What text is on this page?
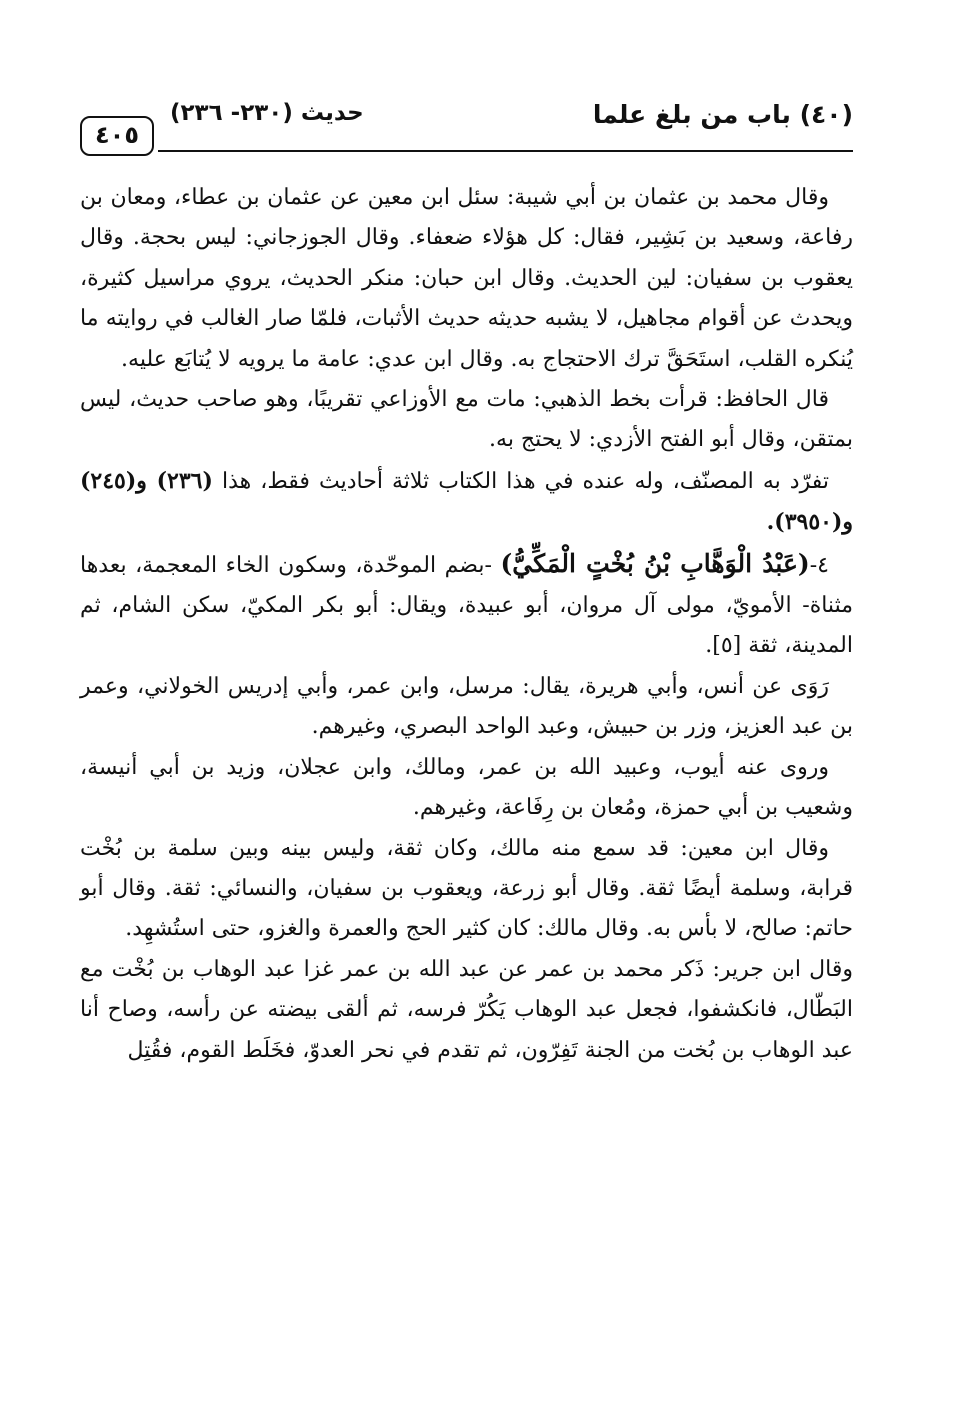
٤٠٥
حديث (٢٣٠- ٢٣٦)	(٤٠) باب من بلغ علما

وقال محمد بن عثمان بن أبي شيبة: سئل ابن معين عن عثمان بن عطاء، ومعان بن رفاعة، وسعيد بن بَشِير، فقال: كل هؤلاء ضعفاء. وقال الجوزجاني: ليس بحجة. وقال يعقوب بن سفيان: لين الحديث. وقال ابن حبان: منكر الحديث، يروي مراسيل كثيرة، ويحدث عن أقوام مجاهيل، لا يشبه حديثه حديث الأثبات، فلمّا صار الغالب في روايته ما يُنكره القلب، استَحَقَّ ترك الاحتجاج به. وقال ابن عدي: عامة ما يرويه لا يُتابَع عليه.

قال الحافظ: قرأت بخط الذهبي: مات مع الأوزاعي تقريبًا، وهو صاحب حديث، ليس بمتقن، وقال أبو الفتح الأزدي: لا يحتج به.

تفرّد به المصنّف، وله عنده في هذا الكتاب ثلاثة أحاديث فقط، هذا (٢٣٦) و(٢٤٥) و(٣٩٥٠).

٤-(عَبْدُ الْوَهَّابِ بْنُ بُخْتٍ الْمَكِّيُّ) -بضم الموحّدة، وسكون الخاء المعجمة، بعدها مثناة- الأمويّ، مولى آل مروان، أبو عبيدة، ويقال: أبو بكر المكيّ، سكن الشام، ثم المدينة، ثقة [٥].

رَوَى عن أنس، وأبي هريرة، يقال: مرسل، وابن عمر، وأبي إدريس الخولاني، وعمر بن عبد العزيز، وزر بن حبيش، وعبد الواحد البصري، وغيرهم.

وروى عنه أيوب، وعبيد الله بن عمر، ومالك، وابن عجلان، وزيد بن أبي أنيسة، وشعيب بن أبي حمزة، ومُعان بن رِفَاعة، وغيرهم.

وقال ابن معين: قد سمع منه مالك، وكان ثقة، وليس بينه وبين سلمة بن بُخْت قرابة، وسلمة أيضًا ثقة. وقال أبو زرعة، ويعقوب بن سفيان، والنسائي: ثقة. وقال أبو حاتم: صالح، لا بأس به. وقال مالك: كان كثير الحج والعمرة والغزو، حتى استُشهِد.

وقال ابن جرير: ذَكر محمد بن عمر عن عبد الله بن عمر غزا عبد الوهاب بن بُخْت مع البَطّال، فانكشفوا، فجعل عبد الوهاب يَكُرّ فرسه، ثم ألقى بيضته عن رأسه، وصاح أنا عبد الوهاب بن بُخت من الجنة تَفِرّون، ثم تقدم في نحر العدوّ، فخَلَط القوم، فقُتِل
